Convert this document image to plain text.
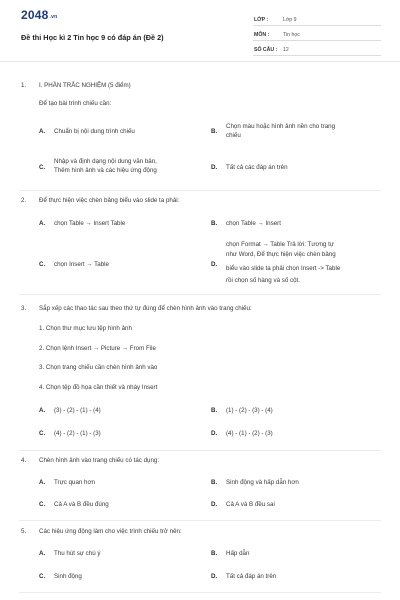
$2048^{.vn}$
Đề thi Học kì 2 Tin học 9 có đáp án (Đề 2)
LỚP :	Lớp 9
MÔN :	Tin học
SỐ CÂU : 12
1. I. PHẦN TRẮC NGHIỆM (5 điểm)
Để tạo bài trình chiếu cần:
A. Chuẩn bị nội dung trình chiếu	B.
Chọn màu hoặc hình ảnh nền cho trang
chiếu
C.
Nhập và định dạng nội dung văn bản,
Thêm hình ảnh và các hiệu ứng động	D. Tất cả các đáp án trên
2. Để thực hiện việc chèn bảng biểu vào slide ta phải:
A. chọn Table → Insert Table	B. chọn Table → Insert
C. chọn Insert → Table	D.
chọn Format → Table Trả lời: Tương tự
như Word, Để thực hiện việc chèn bảng
biểu vào slide ta phải chọn Insert -> Table
rồi chọn số hàng và số cột.
3. Sắp xếp các thao tác sau theo thứ tự đúng để chèn hình ảnh vào trang chiếu:
1. Chọn thư mục lưu tệp hình ảnh
2. Chọn lệnh Insert → Picture → From File
3. Chọn trang chiếu cần chèn hình ảnh vào
4. Chọn tệp đồ họa cần thiết và nháy Insert
A. (3) - (2) - (1) - (4)	B. (1) - (2) - (3) - (4)
C. (4) - (2) - (1) - (3)	D. (4) - (1) - (2) - (3)
4. Chèn hình ảnh vào trang chiếu có tác dụng:
A. Trực quan hơn	B. Sinh động và hấp dẫn hơn
C. Cả A và B đều đúng	D. Cả A và B đều sai
5. Các hiệu ứng động làm cho việc trình chiếu trở nên:
A. Thu hút sự chú ý	B. Hấp dẫn
C. Sinh động	D. Tất cả đáp án trên
